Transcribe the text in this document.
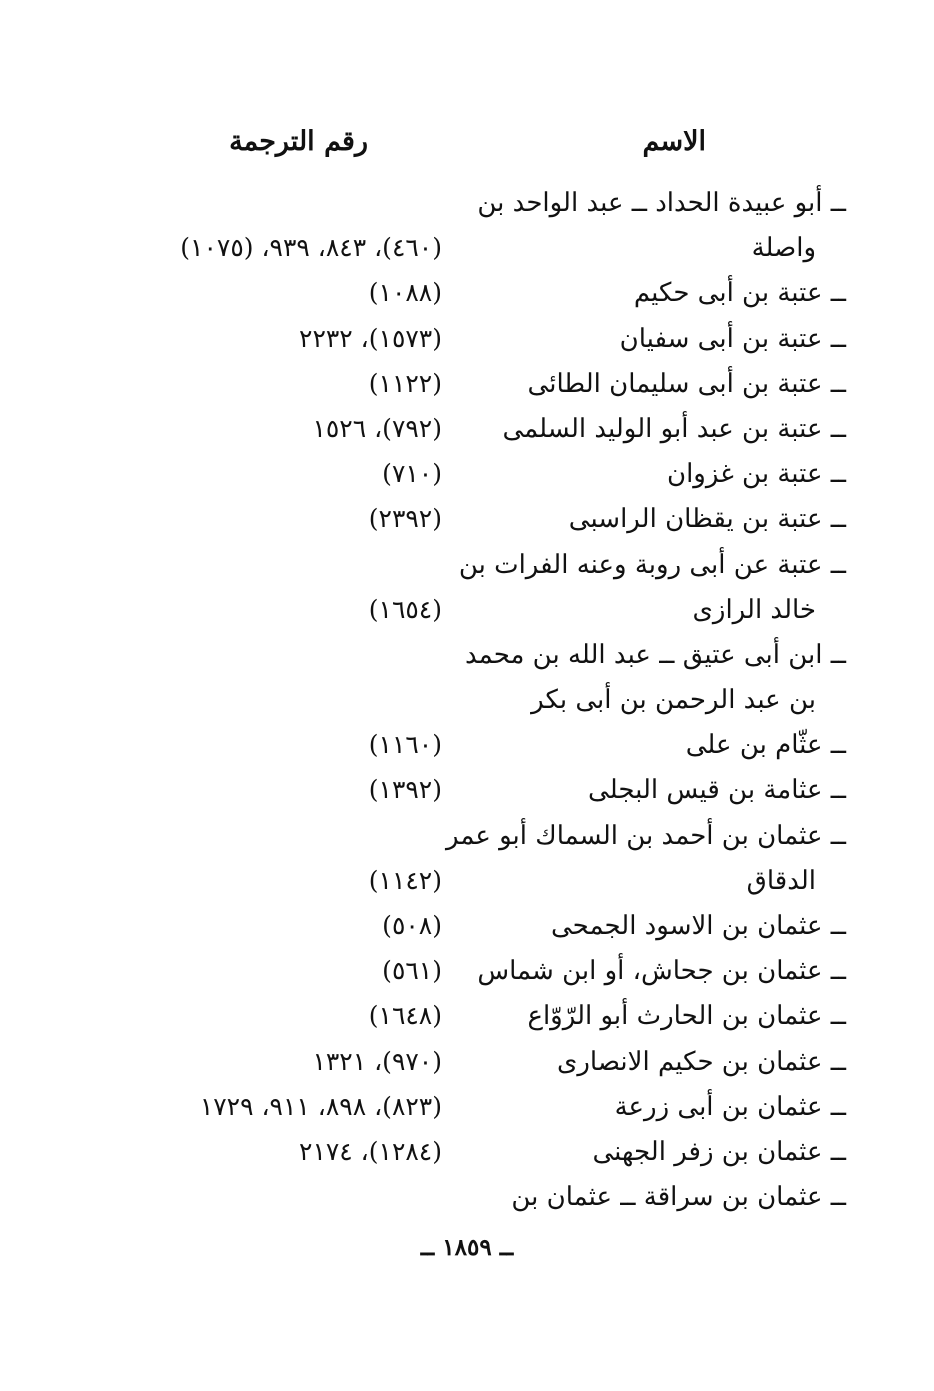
الاسم
رقم الترجمة
ــ أبو عبيدة الحداد ــ عبد الواحد بن
واصلة
(٤٦٠)، ٨٤٣، ٩٣٩، (١٠٧٥)
ــ عتبة بن أبى حكيم
(١٠٨٨)
ــ عتبة بن أبى سفيان
(١٥٧٣)، ٢٢٣٢
ــ عتبة بن أبى سليمان الطائى
(١١٢٢)
ــ عتبة بن عبد أبو الوليد السلمى
(٧٩٢)، ١٥٢٦
ــ عتبة بن غزوان
(٧١٠)
ــ عتبة بن يقظان الراسبى
(٢٣٩٢)
ــ عتبة عن أبى روبة وعنه الفرات بن
خالد الرازى
(١٦٥٤)
ــ ابن أبى عتيق ــ عبد الله بن محمد
بن عبد الرحمن بن أبى بكر
ــ عثّام بن على
(١١٦٠)
ــ عثامة بن قيس البجلى
(١٣٩٢)
ــ عثمان بن أحمد بن السماك أبو عمر
الدقاق
(١١٤٢)
ــ عثمان بن الاسود الجمحى
(٥٠٨)
ــ عثمان بن جحاش، أو ابن شماس
(٥٦١)
ــ عثمان بن الحارث أبو الرّوّاع
(١٦٤٨)
ــ عثمان بن حكيم الانصارى
(٩٧٠)، ١٣٢١
ــ عثمان بن أبى زرعة
(٨٢٣)، ٨٩٨، ٩١١، ١٧٢٩
ــ عثمان بن زفر الجهنى
(١٢٨٤)، ٢١٧٤
ــ عثمان بن سراقة ــ عثمان بن
ــ ١٨٥٩ ــ
